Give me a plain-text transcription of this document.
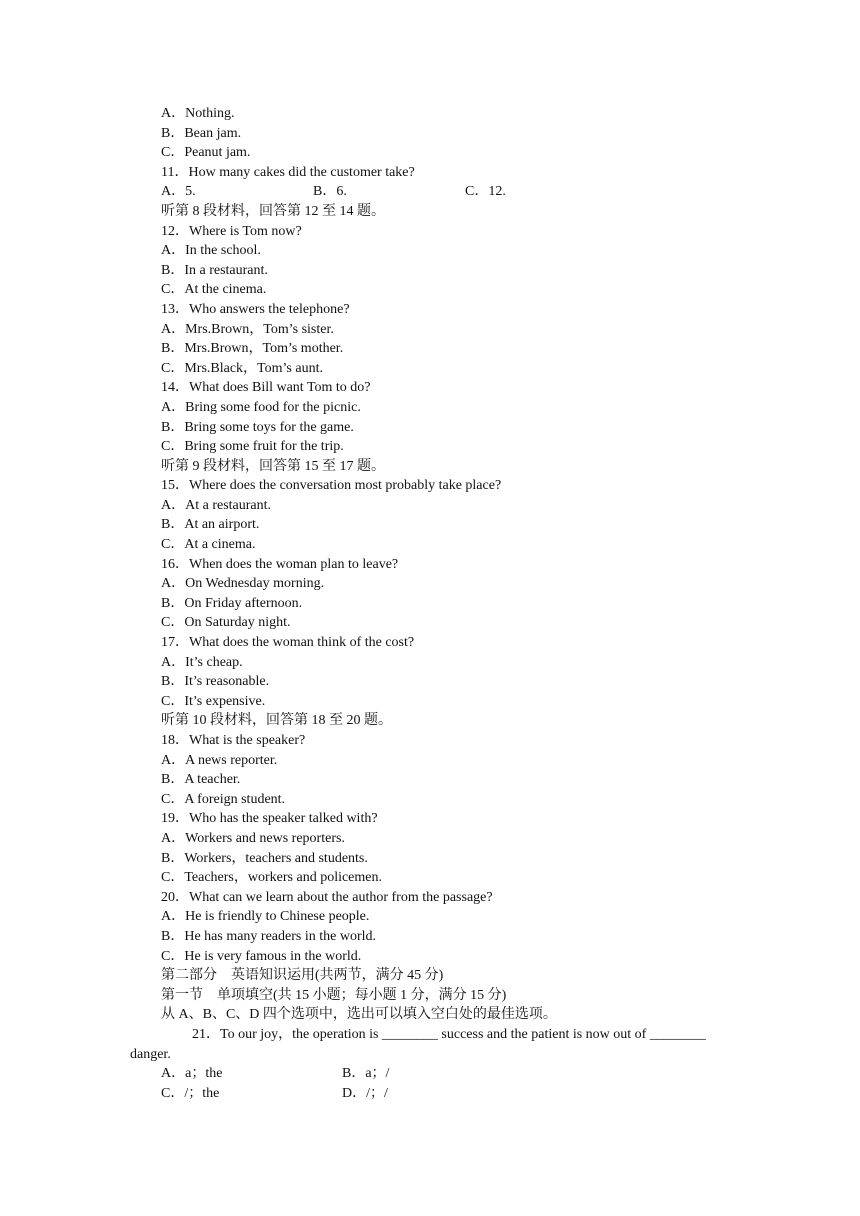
A．Nothing.
B．Bean jam.
C．Peanut jam.
11．How many cakes did the customer take?
A．5.	B．6.	C．12.
听第 8 段材料，回答第 12 至 14 题。
12．Where is Tom now?
A．In the school.
B．In a restaurant.
C．At the cinema.
13．Who answers the telephone?
A．Mrs.Brown，Tom’s sister.
B．Mrs.Brown，Tom’s mother.
C．Mrs.Black，Tom’s aunt.
14．What does Bill want Tom to do?
A．Bring some food for the picnic.
B．Bring some toys for the game.
C．Bring some fruit for the trip.
听第 9 段材料，回答第 15 至 17 题。
15．Where does the conversation most probably take place?
A．At a restaurant.
B．At an airport.
C．At a cinema.
16．When does the woman plan to leave?
A．On Wednesday morning.
B．On Friday afternoon.
C．On Saturday night.
17．What does the woman think of the cost?
A．It’s cheap.
B．It’s reasonable.
C．It’s expensive.
听第 10 段材料，回答第 18 至 20 题。
18．What is the speaker?
A．A news reporter.
B．A teacher.
C．A foreign student.
19．Who has the speaker talked with?
A．Workers and news reporters.
B．Workers，teachers and students.
C．Teachers，workers and policemen.
20．What can we learn about the author from the passage?
A．He is friendly to Chinese people.
B．He has many readers in the world.
C．He is very famous in the world.
第二部分　英语知识运用(共两节，满分 45 分)
第一节　单项填空(共 15 小题；每小题 1 分，满分 15 分)
从 A、B、C、D 四个选项中，选出可以填入空白处的最佳选项。
21．To our joy，the operation is ________ success and the patient is now out of ________
danger.
A．a；the	B．a；/
C．/；the	D．/；/
